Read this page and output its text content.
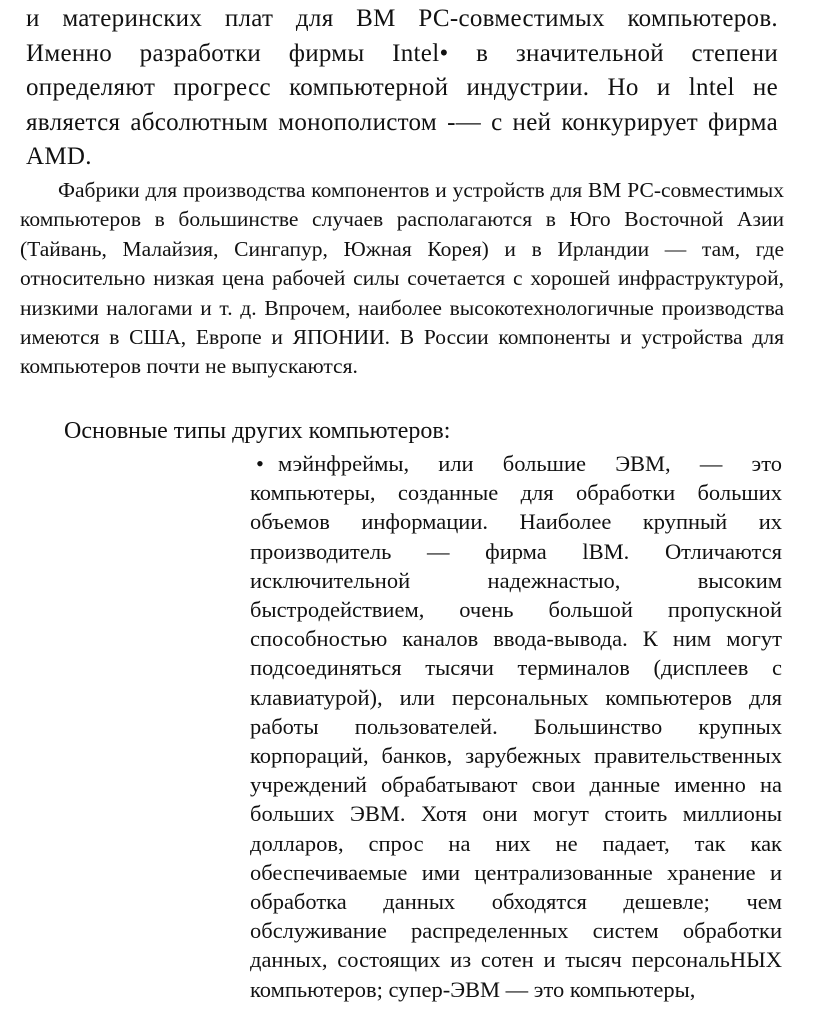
и материнских плат для ВМ РС-совместимых компьютеров. Именно разработки фирмы Intel• в значительной степени определяют прогресс компьютерной индустрии. Но и lntel не является абсолютным монополистом -— с ней конкурирует фирма AMD.

Фабрики для производства компонентов и устройств для ВМ РС-совместимых компьютеров в большинстве случаев располагаются в Юго Восточной Азии (Тайвань, Малайзия, Сингапур, Южная Корея) и в Ирландии — там, где относительно низкая цена рабочей силы сочетается с хорошей инфраструктурой, низкими налогами и т. д. Впрочем, наиболее высокотехнологичные производства имеются в США, Европе и ЯПОНИИ. В России компоненты и устройства для компьютеров почти не выпускаются.

Основные типы других компьютеров:

• мэйнфреймы, или большие ЭВМ, — это компьютеры, созданные для обработки больших объемов информации. Наиболее крупный их производитель — фирма lBM. Отличаются исключительной надежнастыо, высоким быстродействием, очень большой пропускной способностью каналов ввода-вывода. К ним могут подсоединяться тысячи терминалов (дисплеев с клавиатурой), или персональных компьютеров для работы пользователей. Большинство крупных корпораций, банков, зарубежных правительственных учреждений обрабатывают свои данные именно на больших ЭВМ. Хотя они могут стоить миллионы долларов, спрос на них не падает, так как обеспечиваемые ими централизованные хранение и обработка данных обходятся дешевле; чем обслуживание распределенных систем обработки данных, состоящих из сотен и тысяч персональНЫХ компьютеров; супер-ЭВМ — это компьютеры,
